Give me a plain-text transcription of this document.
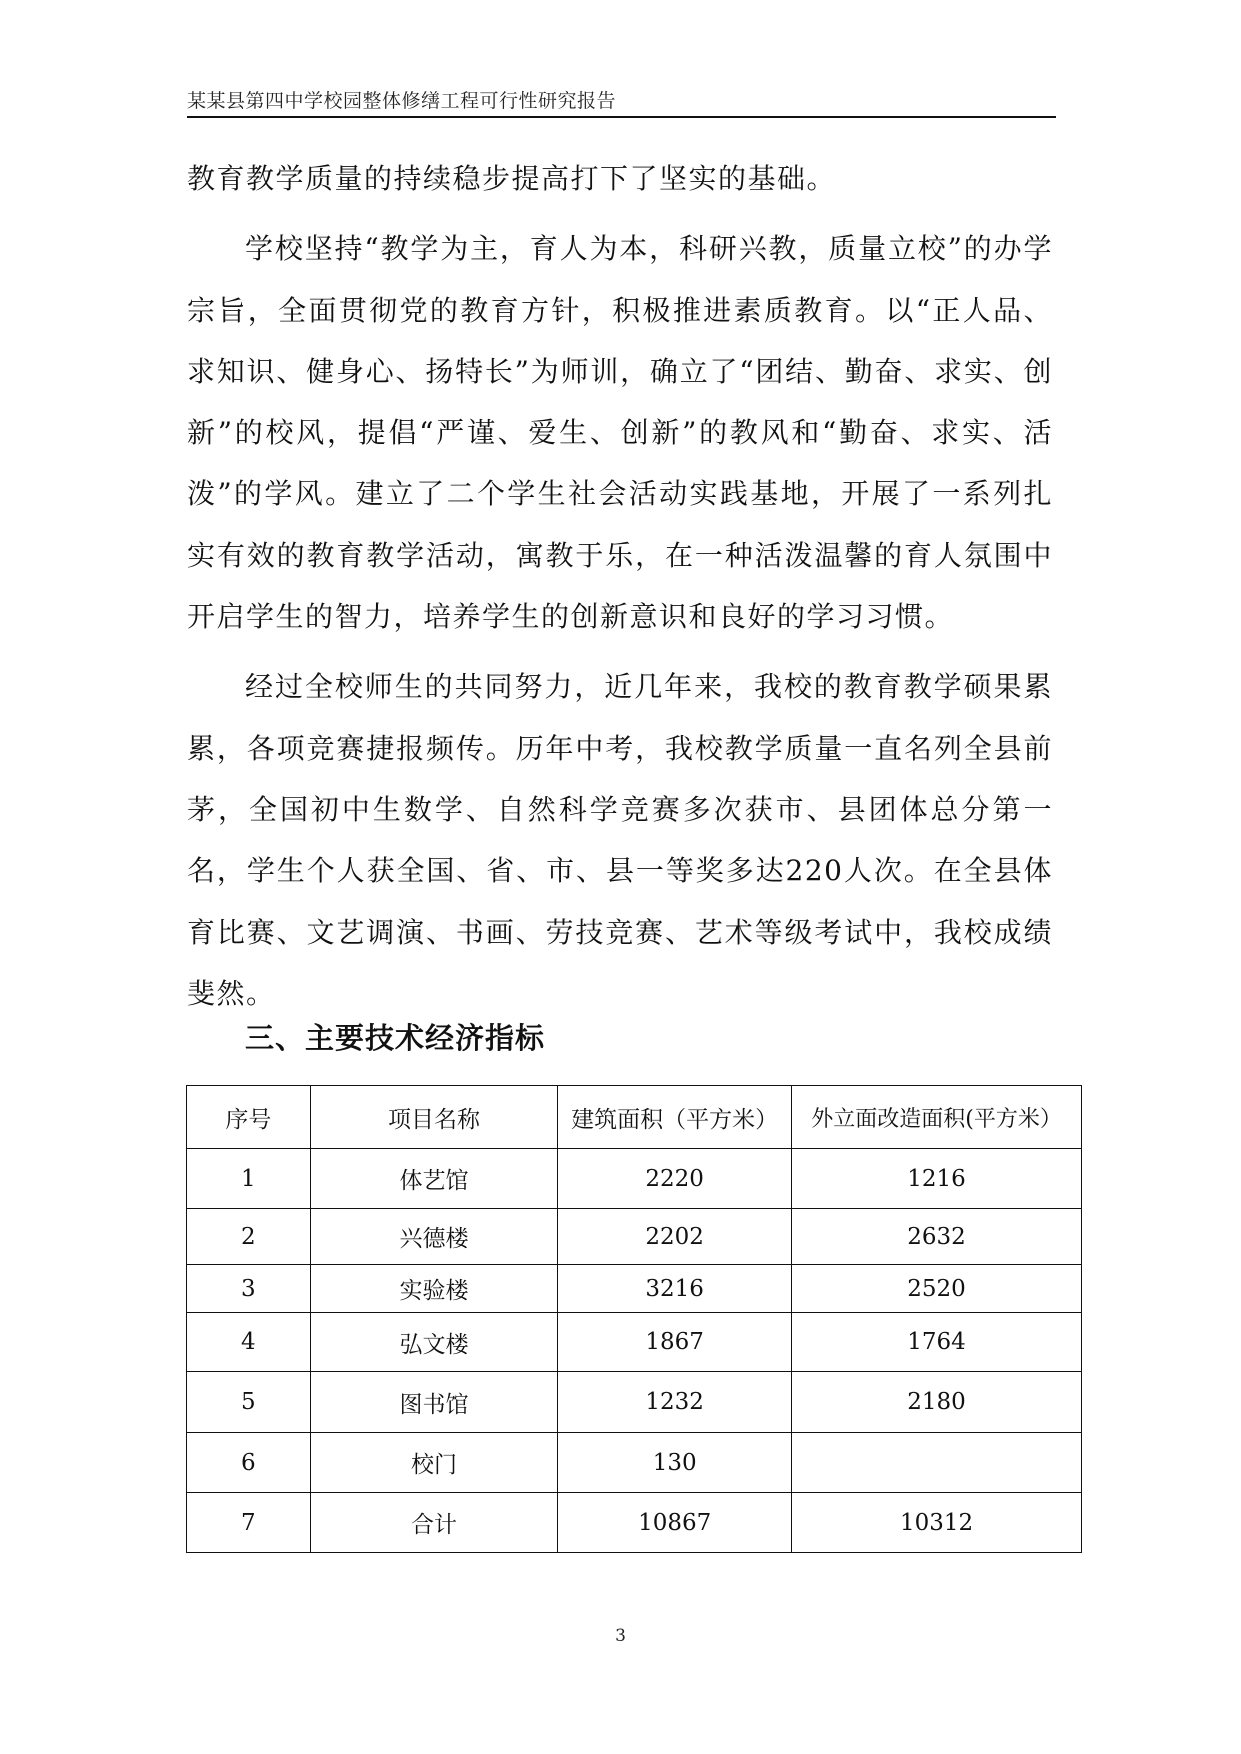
某某县第四中学校园整体修缮工程可行性研究报告

教育教学质量的持续稳步提高打下了坚实的基础。

学校坚持“教学为主，育人为本，科研兴教，质量立校”的办学宗旨，全面贯彻党的教育方针，积极推进素质教育。以“正人品、求知识、健身心、扬特长”为师训，确立了“团结、勤奋、求实、创新”的校风，提倡“严谨、爱生、创新”的教风和“勤奋、求实、活泼”的学风。建立了二个学生社会活动实践基地，开展了一系列扎实有效的教育教学活动，寓教于乐，在一种活泼温馨的育人氛围中开启学生的智力，培养学生的创新意识和良好的学习习惯。

经过全校师生的共同努力，近几年来，我校的教育教学硕果累累，各项竞赛捷报频传。历年中考，我校教学质量一直名列全县前茅，全国初中生数学、自然科学竞赛多次获市、县团体总分第一名，学生个人获全国、省、市、县一等奖多达220人次。在全县体育比赛、文艺调演、书画、劳技竞赛、艺术等级考试中，我校成绩斐然。

三、主要技术经济指标
序号	项目名称	建筑面积（平方米）	外立面改造面积(平方米）
1	体艺馆	2220	1216
2	兴德楼	2202	2632
3	实验楼	3216	2520
4	弘文楼	1867	1764
5	图书馆	1232	2180
6	校门	130	
7	合计	10867	10312
3
